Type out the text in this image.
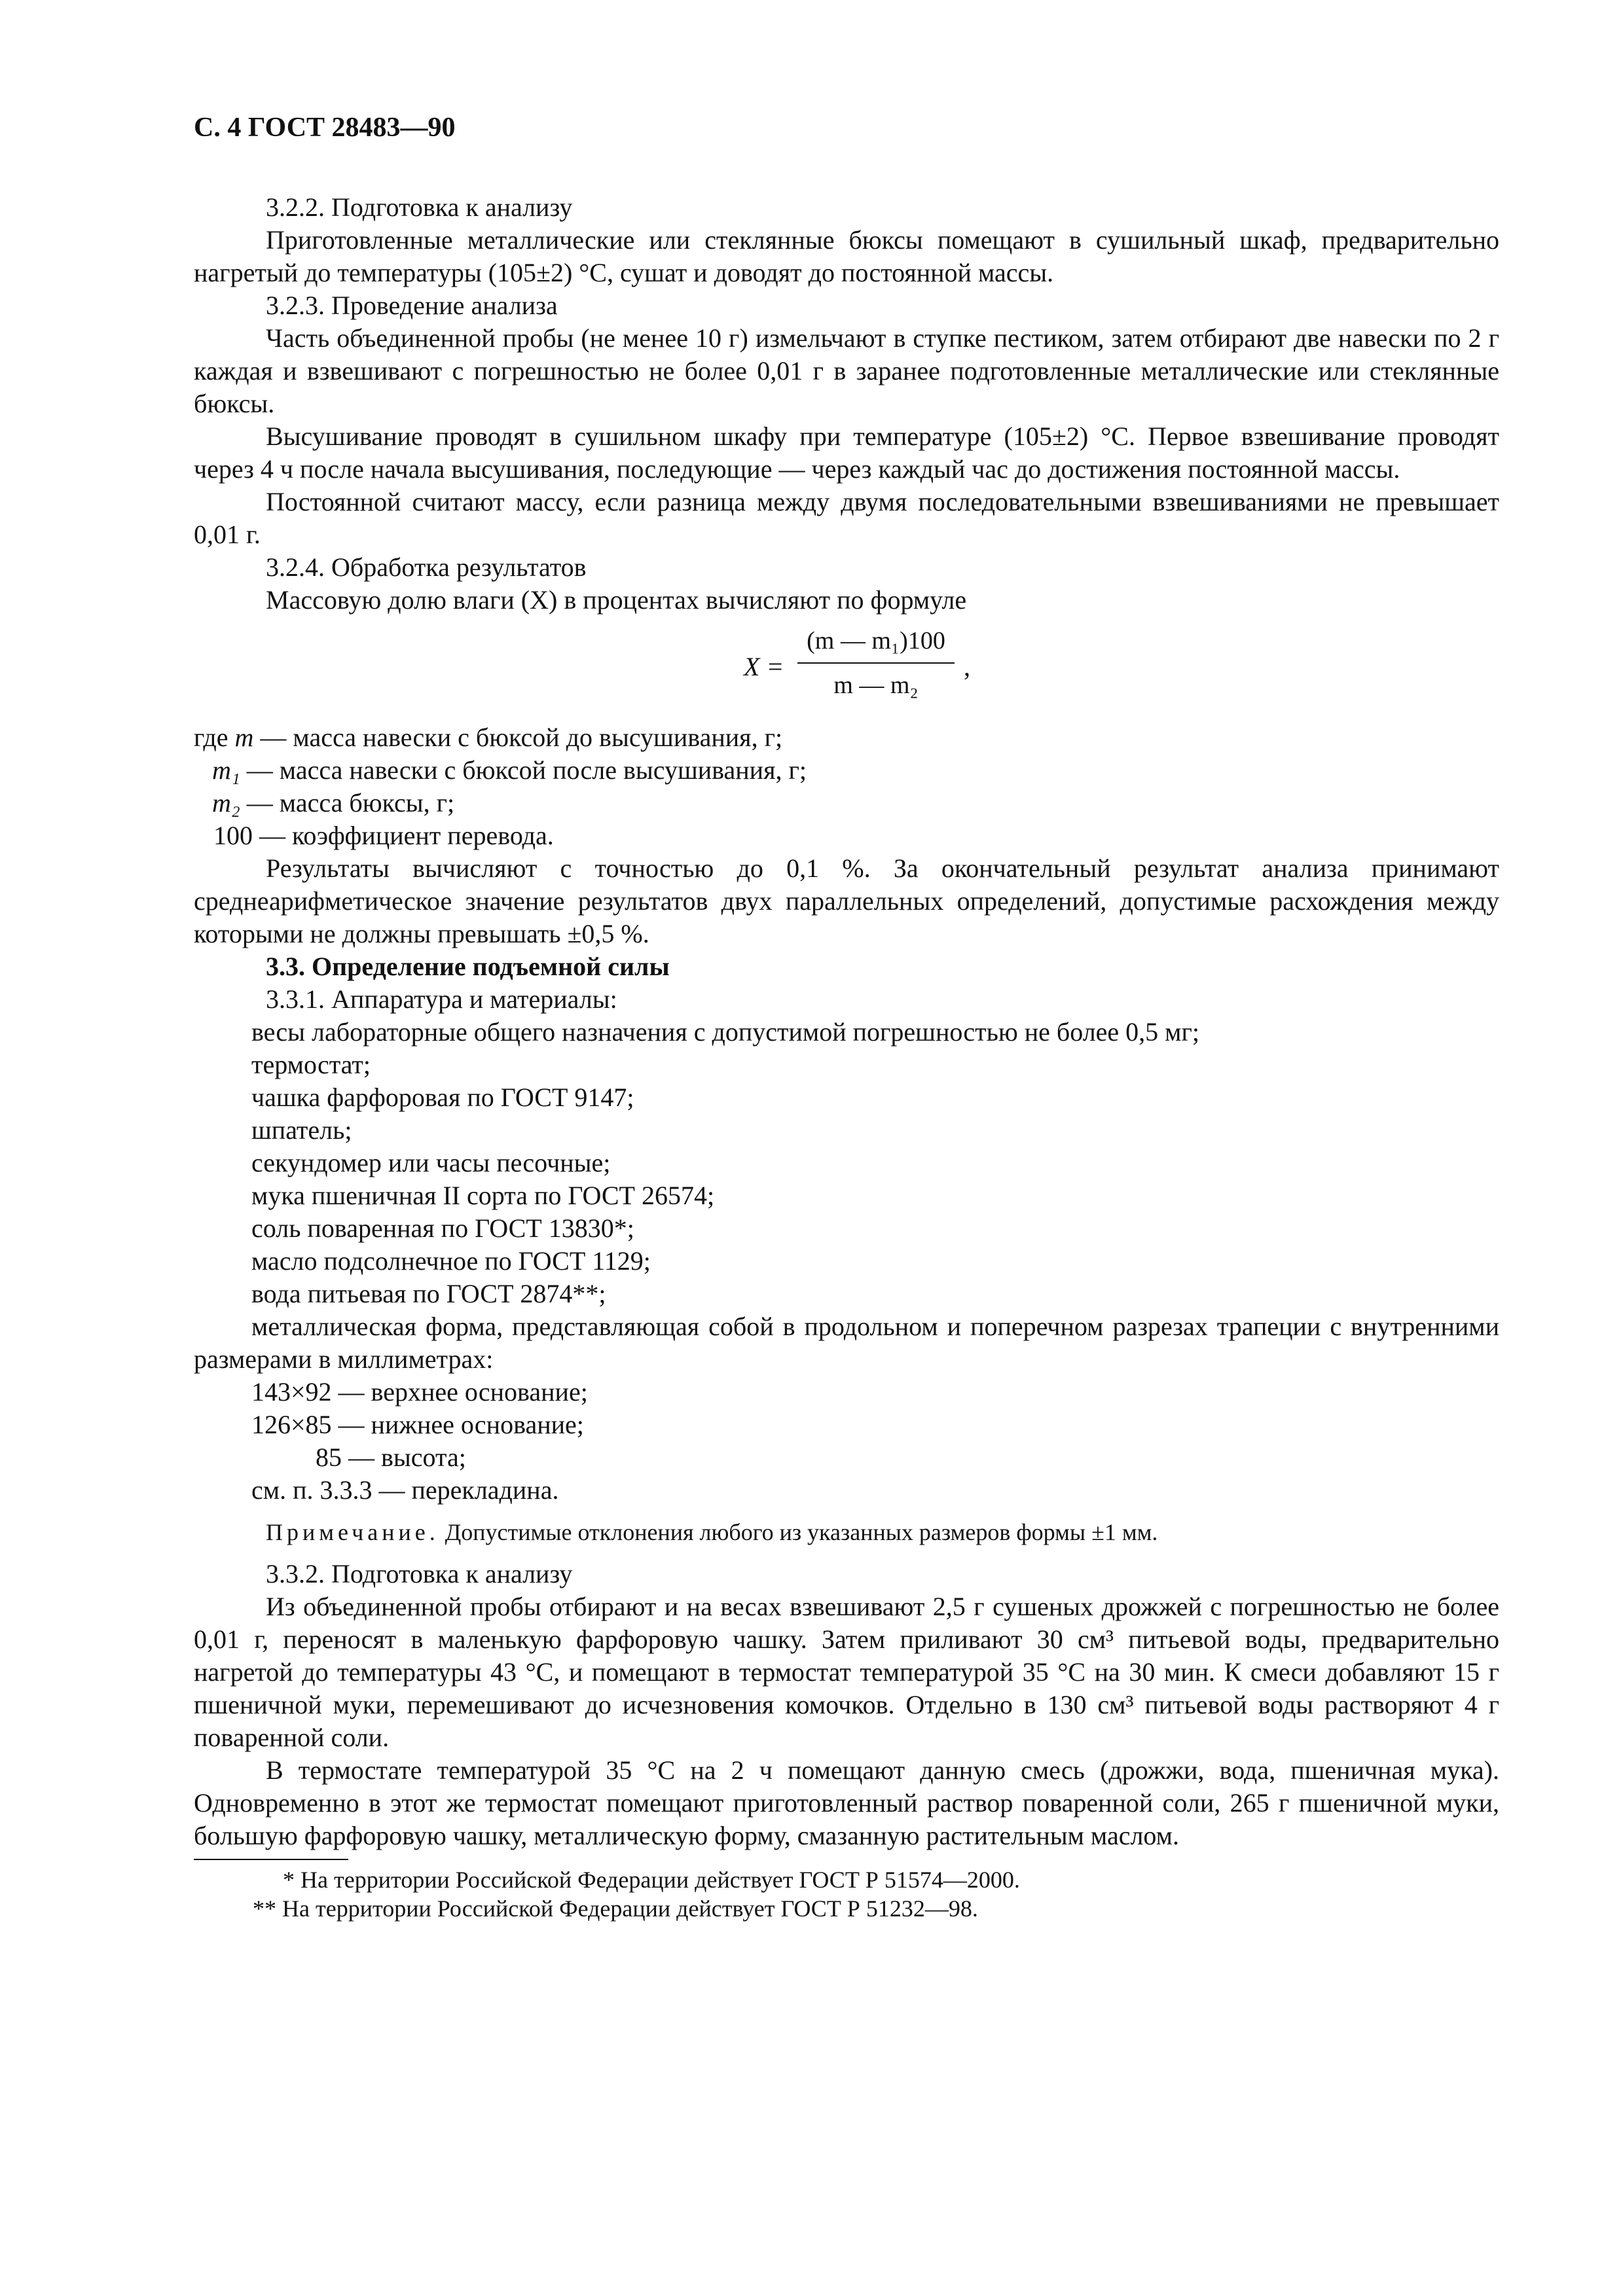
С. 4 ГОСТ 28483—90

3.2.2. Подготовка к анализу

Приготовленные металлические или стеклянные бюксы помещают в сушильный шкаф, предварительно нагретый до температуры (105±2) °С, сушат и доводят до постоянной массы.

3.2.3. Проведение анализа

Часть объединенной пробы (не менее 10 г) измельчают в ступке пестиком, затем отбирают две навески по 2 г каждая и взвешивают с погрешностью не более 0,01 г в заранее подготовленные металлические или стеклянные бюксы.

Высушивание проводят в сушильном шкафу при температуре (105±2) °С. Первое взвешивание проводят через 4 ч после начала высушивания, последующие — через каждый час до достижения постоянной массы.

Постоянной считают массу, если разница между двумя последовательными взвешиваниями не превышает 0,01 г.

3.2.4. Обработка результатов

Массовую долю влаги (X) в процентах вычисляют по формуле

$X = \frac{\text{(m — m₁)100}}{\text{m — m₂}}$ ,

где m — масса навески с бюксой до высушивания, г;

m₁ — масса навески с бюксой после высушивания, г;

m₂ — масса бюксы, г;

100 — коэффициент перевода.

Результаты вычисляют с точностью до 0,1 %. За окончательный результат анализа принимают среднеарифметическое значение результатов двух параллельных определений, допустимые расхождения между которыми не должны превышать ±0,5 %.

3.3. Определение подъемной силы

3.3.1. Аппаратура и материалы:

весы лабораторные общего назначения с допустимой погрешностью не более 0,5 мг;

термостат;

чашка фарфоровая по ГОСТ 9147;

шпатель;

секундомер или часы песочные;

мука пшеничная II сорта по ГОСТ 26574;

соль поваренная по ГОСТ 13830*;

масло подсолнечное по ГОСТ 1129;

вода питьевая по ГОСТ 2874**;

металлическая форма, представляющая собой в продольном и поперечном разрезах трапеции с внутренними размерами в миллиметрах:

143×92 — верхнее основание;

126×85 — нижнее основание;

85 — высота;

см. п. 3.3.3 — перекладина.

Примечание. Допустимые отклонения любого из указанных размеров формы ±1 мм.

3.3.2. Подготовка к анализу

Из объединенной пробы отбирают и на весах взвешивают 2,5 г сушеных дрожжей с погрешностью не более 0,01 г, переносят в маленькую фарфоровую чашку. Затем приливают 30 см³ питьевой воды, предварительно нагретой до температуры 43 °С, и помещают в термостат температурой 35 °С на 30 мин. К смеси добавляют 15 г пшеничной муки, перемешивают до исчезновения комочков. Отдельно в 130 см³ питьевой воды растворяют 4 г поваренной соли.

В термостате температурой 35 °С на 2 ч помещают данную смесь (дрожжи, вода, пшеничная мука). Одновременно в этот же термостат помещают приготовленный раствор поваренной соли, 265 г пшеничной муки, большую фарфоровую чашку, металлическую форму, смазанную растительным маслом.

* На территории Российской Федерации действует ГОСТ Р 51574—2000.

** На территории Российской Федерации действует ГОСТ Р 51232—98.
